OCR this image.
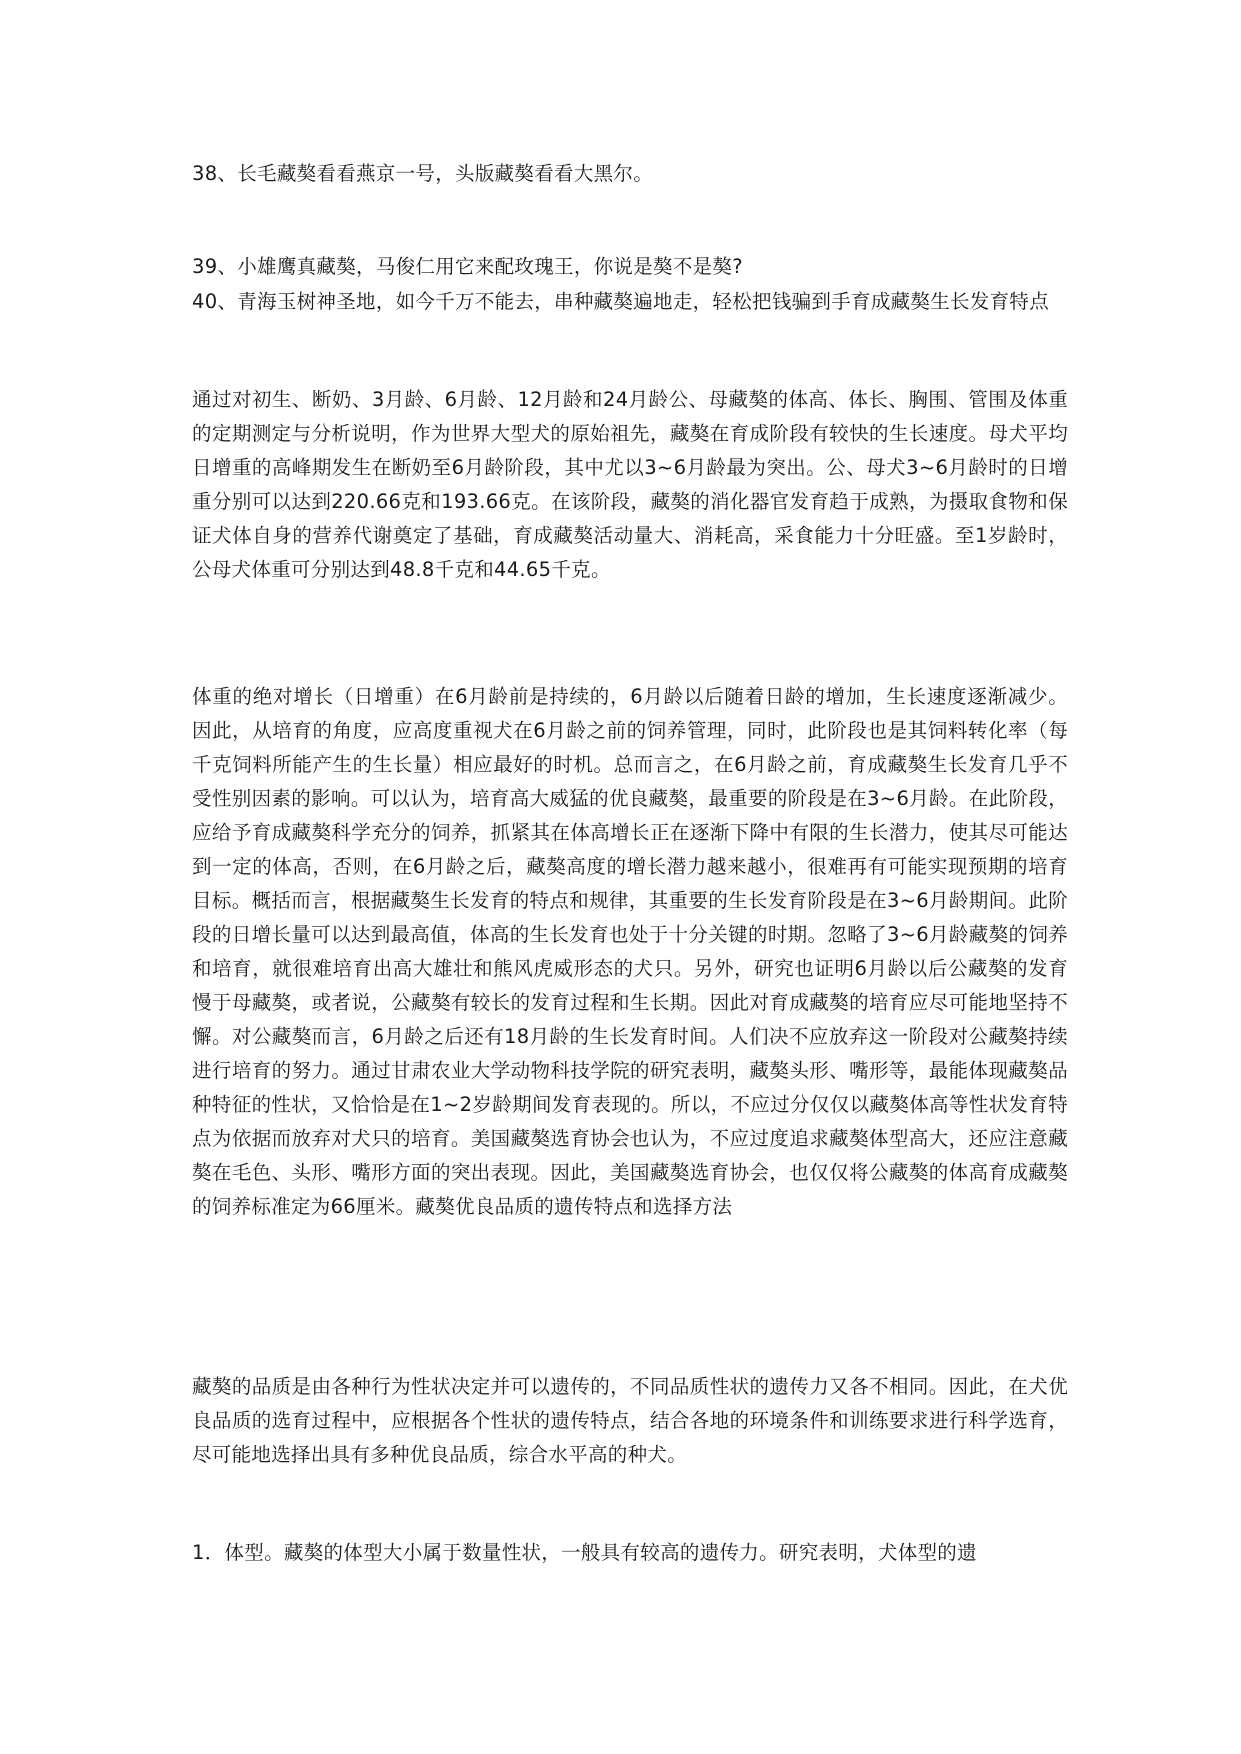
38、长毛藏獒看看燕京一号，头版藏獒看看大黑尔。

39、小雄鹰真藏獒，马俊仁用它来配玫瑰王，你说是獒不是獒?

40、青海玉树神圣地，如今千万不能去，串种藏獒遍地走，轻松把钱骗到手育成藏獒生长发育特点

通过对初生、断奶、3月龄、6月龄、12月龄和24月龄公、母藏獒的体高、体长、胸围、管围及体重的定期测定与分析说明，作为世界大型犬的原始祖先，藏獒在育成阶段有较快的生长速度。母犬平均日增重的高峰期发生在断奶至6月龄阶段，其中尤以3~6月龄最为突出。公、母犬3~6月龄时的日增重分别可以达到220.66克和193.66克。在该阶段，藏獒的消化器官发育趋于成熟，为摄取食物和保证犬体自身的营养代谢奠定了基础，育成藏獒活动量大、消耗高，采食能力十分旺盛。至1岁龄时，公母犬体重可分别达到48.8千克和44.65千克。

体重的绝对增长（日增重）在6月龄前是持续的，6月龄以后随着日龄的增加，生长速度逐渐减少。因此，从培育的角度，应高度重视犬在6月龄之前的饲养管理，同时，此阶段也是其饲料转化率（每千克饲料所能产生的生长量）相应最好的时机。总而言之，在6月龄之前，育成藏獒生长发育几乎不受性别因素的影响。可以认为，培育高大威猛的优良藏獒，最重要的阶段是在3~6月龄。在此阶段，应给予育成藏獒科学充分的饲养，抓紧其在体高增长正在逐渐下降中有限的生长潜力，使其尽可能达到一定的体高，否则，在6月龄之后，藏獒高度的增长潜力越来越小，很难再有可能实现预期的培育目标。概括而言，根据藏獒生长发育的特点和规律，其重要的生长发育阶段是在3~6月龄期间。此阶段的日增长量可以达到最高值，体高的生长发育也处于十分关键的时期。忽略了3~6月龄藏獒的饲养和培育，就很难培育出高大雄壮和熊风虎威形态的犬只。另外，研究也证明6月龄以后公藏獒的发育慢于母藏獒，或者说，公藏獒有较长的发育过程和生长期。因此对育成藏獒的培育应尽可能地坚持不懈。对公藏獒而言，6月龄之后还有18月龄的生长发育时间。人们决不应放弃这一阶段对公藏獒持续进行培育的努力。通过甘肃农业大学动物科技学院的研究表明，藏獒头形、嘴形等，最能体现藏獒品种特征的性状，又恰恰是在1~2岁龄期间发育表现的。所以，不应过分仅仅以藏獒体高等性状发育特点为依据而放弃对犬只的培育。美国藏獒选育协会也认为，不应过度追求藏獒体型高大，还应注意藏獒在毛色、头形、嘴形方面的突出表现。因此，美国藏獒选育协会，也仅仅将公藏獒的体高育成藏獒的饲养标准定为66厘米。藏獒优良品质的遗传特点和选择方法

藏獒的品质是由各种行为性状决定并可以遗传的，不同品质性状的遗传力又各不相同。因此，在犬优良品质的选育过程中，应根据各个性状的遗传特点，结合各地的环境条件和训练要求进行科学选育，尽可能地选择出具有多种优良品质，综合水平高的种犬。

1．体型。藏獒的体型大小属于数量性状，一般具有较高的遗传力。研究表明，犬体型的遗
